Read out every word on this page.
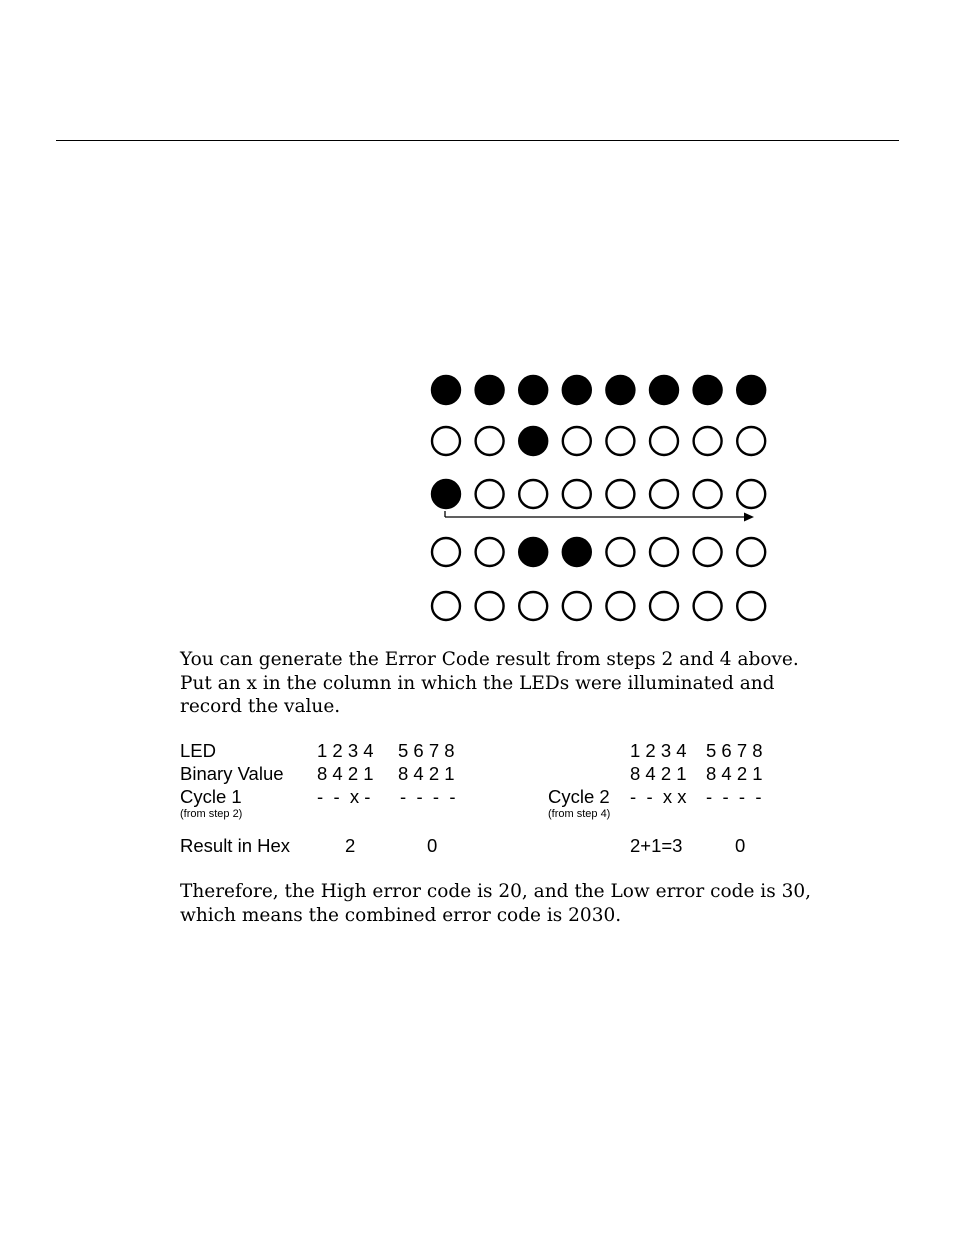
You can generate the Error Code result from steps 2 and 4 above.
Put an x in the column in which the LEDs were illuminated and
record the value.
LED
Binary Value
Cycle 1
(from step 2)
Result in Hex
1 2 3 4 5 6 7 8
8 4 2 1 8 4 2 1
-  -  x - -  -  -  -
2	0
1 2 3 4 5 6 7 8
8 4 2 1 8 4 2 1
Cycle 2
(from step 4)
-  -  x x -  -  -  -
2+1=3	0
Therefore, the High error code is 20, and the Low error code is 30,
which means the combined error code is 2030.
